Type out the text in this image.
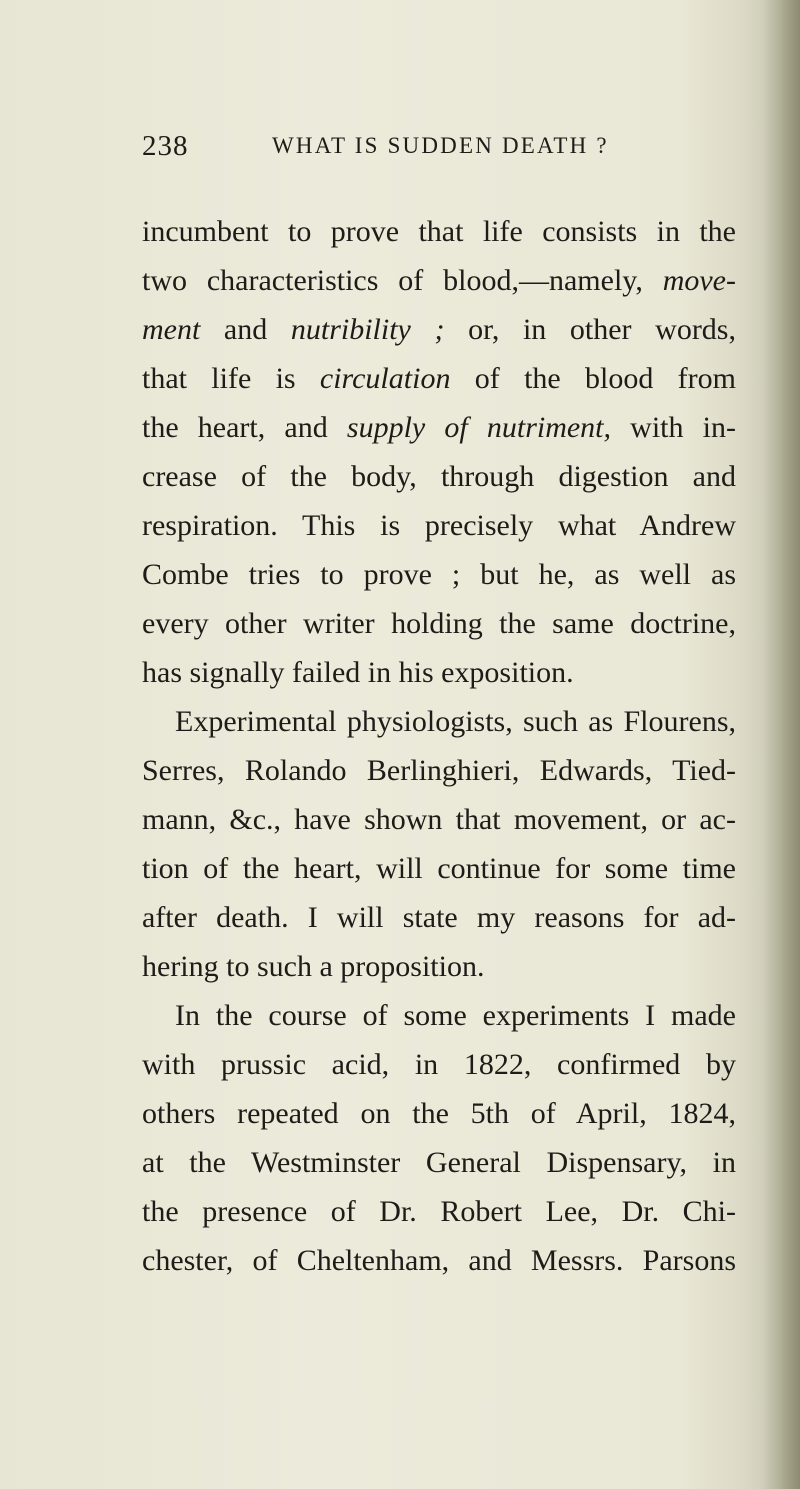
238	WHAT IS SUDDEN DEATH ?
incumbent to prove that life consists in the
two characteristics of blood,—namely, move-
ment and nutribility ; or, in other words,
that life is circulation of the blood from
the heart, and supply of nutriment, with in-
crease of the body, through digestion and
respiration. This is precisely what Andrew
Combe tries to prove ; but he, as well as
every other writer holding the same doctrine,
has signally failed in his exposition.
Experimental physiologists, such as Flourens,
Serres, Rolando Berlinghieri, Edwards, Tied-
mann, &c., have shown that movement, or ac-
tion of the heart, will continue for some time
after death. I will state my reasons for ad-
hering to such a proposition.
In the course of some experiments I made
with prussic acid, in 1822, confirmed by
others repeated on the 5th of April, 1824,
at the Westminster General Dispensary, in
the presence of Dr. Robert Lee, Dr. Chi-
chester, of Cheltenham, and Messrs. Parsons
